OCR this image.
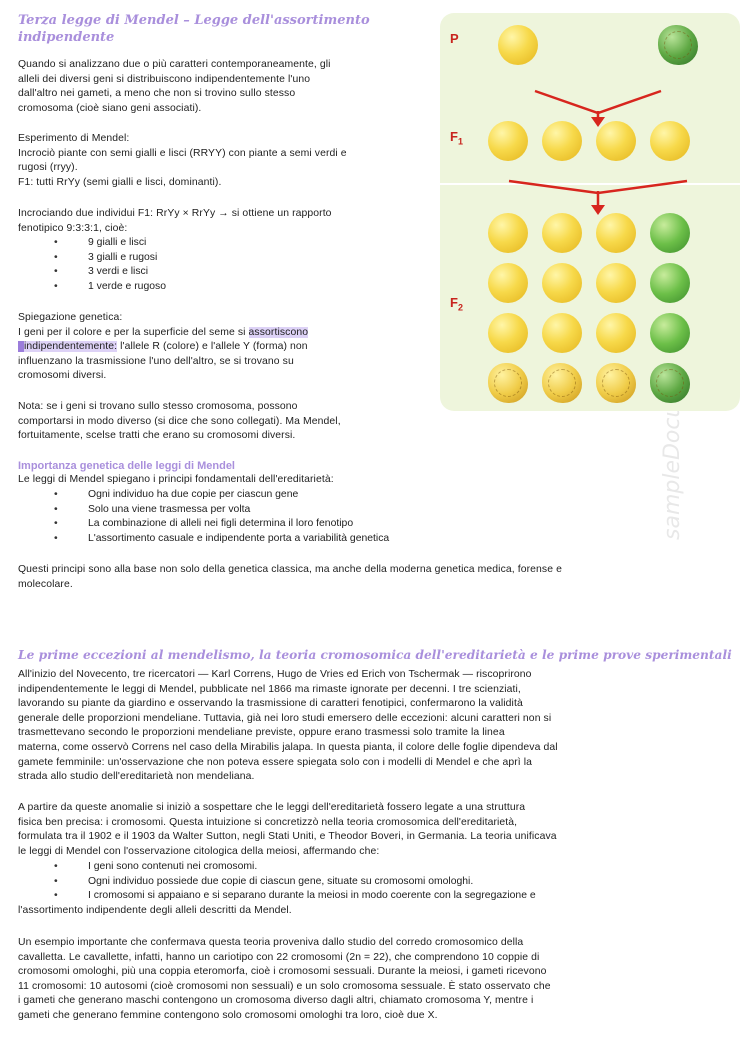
Terza legge di Mendel – Legge dell'assortimento
indipendente
Quando si analizzano due o più caratteri contemporaneamente, gli
alleli dei diversi geni si distribuiscono indipendentemente l'uno
dall'altro nei gameti, a meno che non si trovino sullo stesso
cromosoma (cioè siano geni associati).
Esperimento di Mendel:
Incrociò piante con semi gialli e lisci (RRYY) con piante a semi verdi e
rugosi (rryy).
F1: tutti RrYy (semi gialli e lisci, dominanti).
Incrociando due individui F1: RrYy × RrYy → si ottiene un rapporto
fenotipico 9:3:3:1, cioè:
• 9 gialli e lisci
• 3 gialli e rugosi
• 3 verdi e lisci
• 1 verde e rugoso
Spiegazione genetica:
I geni per il colore e per la superficie del seme si assortiscono
indipendentemente: l'allele R (colore) e l'allele Y (forma) non
influenzano la trasmissione l'uno dell'altro, se si trovano su
cromosomi diversi.
Nota: se i geni si trovano sullo stesso cromosoma, possono
comportarsi in modo diverso (si dice che sono collegati). Ma Mendel,
fortuitamente, scelse tratti che erano su cromosomi diversi.
Importanza genetica delle leggi di Mendel
Le leggi di Mendel spiegano i principi fondamentali dell'ereditarietà:
• Ogni individuo ha due copie per ciascun gene
• Solo una viene trasmessa per volta
• La combinazione di alleli nei figli determina il loro fenotipo
• L'assortimento casuale e indipendente porta a variabilità genetica
Questi principi sono alla base non solo della genetica classica, ma anche della moderna genetica medica, forense e
molecolare.
Le prime eccezioni al mendelismo, la teoria cromosomica dell'ereditarietà e le prime prove sperimentali
All'inizio del Novecento, tre ricercatori — Karl Correns, Hugo de Vries ed Erich von Tschermak — riscoprirono
indipendentemente le leggi di Mendel, pubblicate nel 1866 ma rimaste ignorate per decenni. I tre scienziati,
lavorando su piante da giardino e osservando la trasmissione di caratteri fenotipici, confermarono la validità
generale delle proporzioni mendeliane. Tuttavia, già nei loro studi emersero delle eccezioni: alcuni caratteri non si
trasmettevano secondo le proporzioni mendeliane previste, oppure erano trasmessi solo tramite la linea
materna, come osservò Correns nel caso della Mirabilis jalapa. In questa pianta, il colore delle foglie dipendeva dal
gamete femminile: un'osservazione che non poteva essere spiegata solo con i modelli di Mendel e che aprì la
strada allo studio dell'ereditarietà non mendeliana.
A partire da queste anomalie si iniziò a sospettare che le leggi dell'ereditarietà fossero legate a una struttura
fisica ben precisa: i cromosomi. Questa intuizione si concretizzò nella teoria cromosomica dell'ereditarietà,
formulata tra il 1902 e il 1903 da Walter Sutton, negli Stati Uniti, e Theodor Boveri, in Germania. La teoria unificava
le leggi di Mendel con l'osservazione citologica della meiosi, affermando che:
• I geni sono contenuti nei cromosomi.
• Ogni individuo possiede due copie di ciascun gene, situate su cromosomi omologhi.
• I cromosomi si appaiano e si separano durante la meiosi in modo coerente con la segregazione e
l'assortimento indipendente degli alleli descritti da Mendel.
Un esempio importante che confermava questa teoria proveniva dallo studio del corredo cromosomico della
cavalletta. Le cavallette, infatti, hanno un cariotipo con 22 cromosomi (2n = 22), che comprendono 10 coppie di
cromosomi omologhi, più una coppia eteromorfa, cioè i cromosomi sessuali. Durante la meiosi, i gameti ricevono
11 cromosomi: 10 autosomi (cioè cromosomi non sessuali) e un solo cromosoma sessuale. È stato osservato che
i gameti che generano maschi contengono un cromosoma diverso dagli altri, chiamato cromosoma Y, mentre i
gameti che generano femmine contengono solo cromosomi omologhi tra loro, cioè due X.
P
$F_1$
$F_2$
